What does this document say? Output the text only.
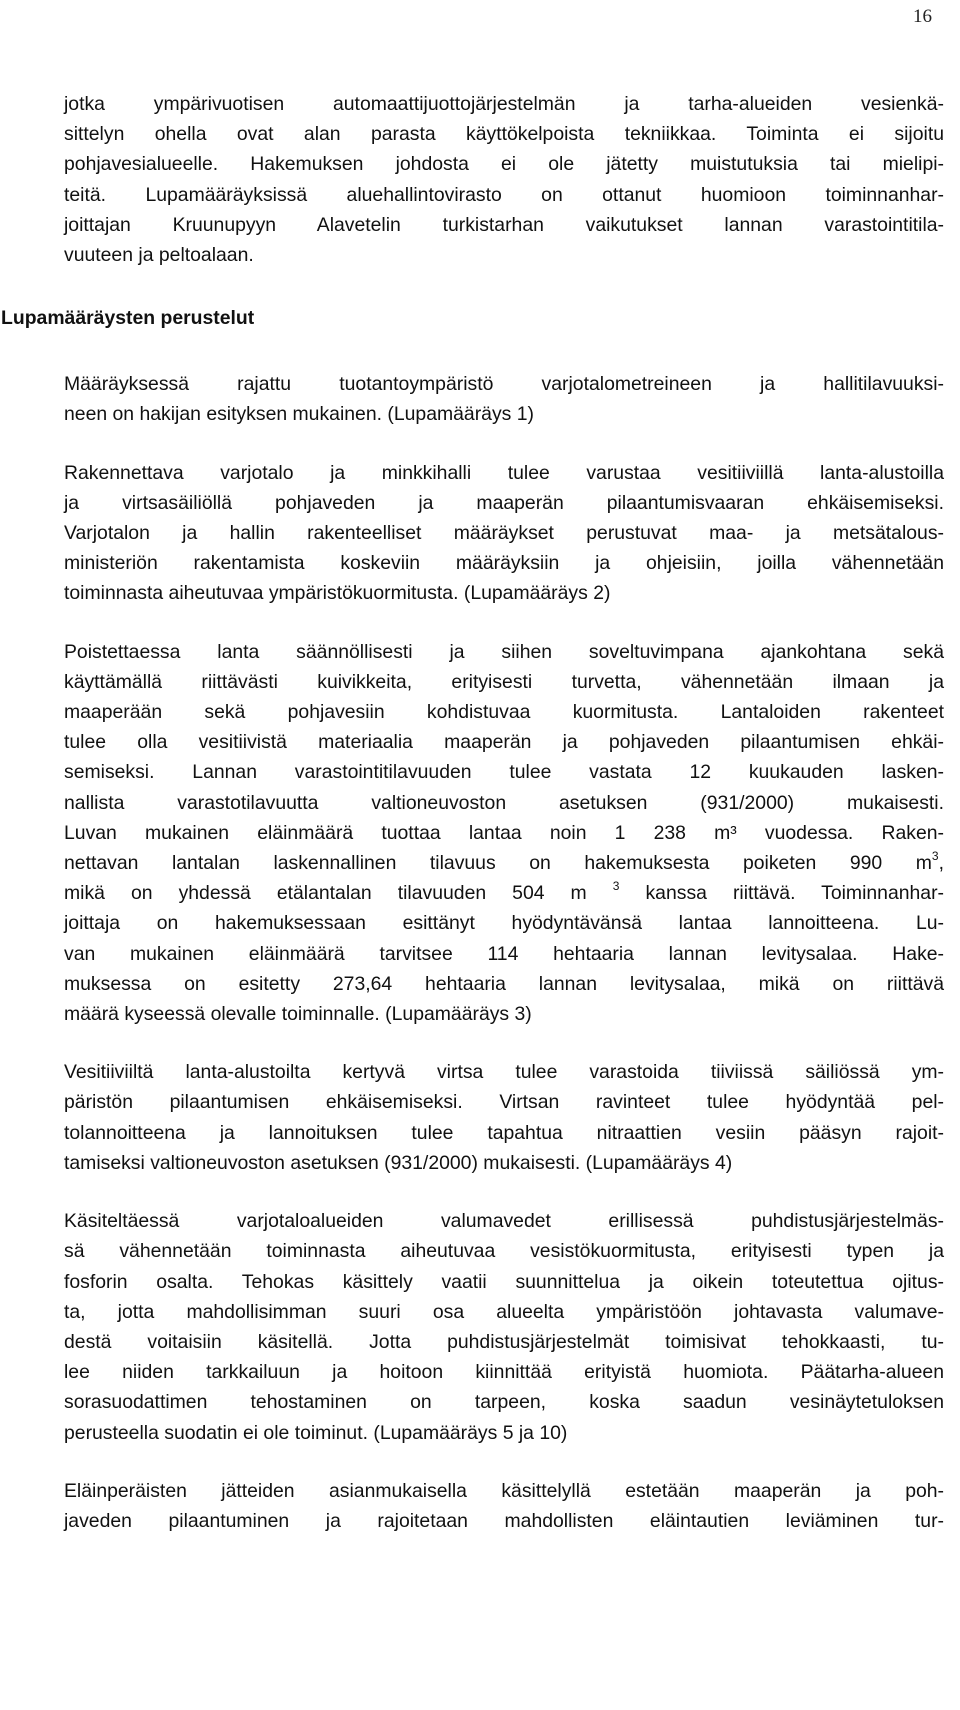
16
jotka ympärivuotisen automaattijuottojärjestelmän ja tarha-alueiden vesienkä-
sittelyn ohella ovat alan parasta käyttökelpoista tekniikkaa. Toiminta ei sijoitu
pohjavesialueelle. Hakemuksen johdosta ei ole jätetty muistutuksia tai mielipi-
teitä. Lupamääräyksissä aluehallintovirasto on ottanut huomioon toiminnanhar-
joittajan Kruunupyyn Alavetelin turkistarhan vaikutukset lannan varastointitila-
vuuteen ja peltoalaan.
Lupamääräysten perustelut
Määräyksessä rajattu tuotantoympäristö varjotalometreineen ja hallitilavuuksi-
neen on hakijan esityksen mukainen. (Lupamääräys 1)
Rakennettava varjotalo ja minkkihalli tulee varustaa vesitiiviillä lanta-alustoilla
ja virtsasäiliöllä pohjaveden ja maaperän pilaantumisvaaran ehkäisemiseksi.
Varjotalon ja hallin rakenteelliset määräykset perustuvat maa- ja metsätalous-
ministeriön rakentamista koskeviin määräyksiin ja ohjeisiin, joilla vähennetään
toiminnasta aiheutuvaa ympäristökuormitusta. (Lupamääräys 2)
Poistettaessa lanta säännöllisesti ja siihen soveltuvimpana ajankohtana sekä
käyttämällä riittävästi kuivikkeita, erityisesti turvetta, vähennetään ilmaan ja
maaperään sekä pohjavesiin kohdistuvaa kuormitusta. Lantaloiden rakenteet
tulee olla vesitiivistä materiaalia maaperän ja pohjaveden pilaantumisen ehkäi-
semiseksi. Lannan varastointitilavuuden tulee vastata 12 kuukauden lasken-
nallista varastotilavuutta valtioneuvoston asetuksen (931/2000) mukaisesti.
Luvan mukainen eläinmäärä tuottaa lantaa noin 1 238 m³ vuodessa. Raken-
nettavan lantalan laskennallinen tilavuus on hakemuksesta poiketen 990 $m^3$,
mikä on yhdessä etälantalan tilavuuden 504 m $^3$ kanssa riittävä. Toiminnanhar-
joittaja on hakemuksessaan esittänyt hyödyntävänsä lantaa lannoitteena. Lu-
van mukainen eläinmäärä tarvitsee 114 hehtaaria lannan levitysalaa. Hake-
muksessa on esitetty 273,64 hehtaaria lannan levitysalaa, mikä on riittävä
määrä kyseessä olevalle toiminnalle. (Lupamääräys 3)
Vesitiiviiltä lanta-alustoilta kertyvä virtsa tulee varastoida tiiviissä säiliössä ym-
päristön pilaantumisen ehkäisemiseksi. Virtsan ravinteet tulee hyödyntää pel-
tolannoitteena ja lannoituksen tulee tapahtua nitraattien vesiin pääsyn rajoit-
tamiseksi valtioneuvoston asetuksen (931/2000) mukaisesti. (Lupamääräys 4)
Käsiteltäessä varjotaloalueiden valumavedet erillisessä puhdistusjärjestelmäs-
sä vähennetään toiminnasta aiheutuvaa vesistökuormitusta, erityisesti typen ja
fosforin osalta. Tehokas käsittely vaatii suunnittelua ja oikein toteutettua ojitus-
ta, jotta mahdollisimman suuri osa alueelta ympäristöön johtavasta valumave-
destä voitaisiin käsitellä. Jotta puhdistusjärjestelmät toimisivat tehokkaasti, tu-
lee niiden tarkkailuun ja hoitoon kiinnittää erityistä huomiota. Päätarha-alueen
sorasuodattimen tehostaminen on tarpeen, koska saadun vesinäytetuloksen
perusteella suodatin ei ole toiminut. (Lupamääräys 5 ja 10)
Eläinperäisten jätteiden asianmukaisella käsittelyllä estetään maaperän ja poh-
javeden pilaantuminen ja rajoitetaan mahdollisten eläintautien leviäminen tur-
